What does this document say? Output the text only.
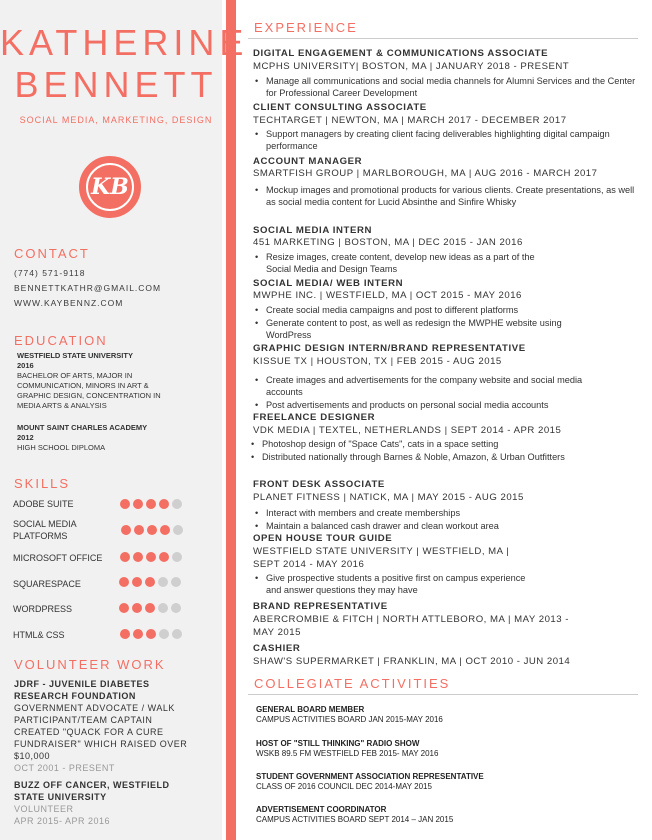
KATHERINE
BENNETT
SOCIAL MEDIA, MARKETING, DESIGN
KB
CONTACT
(774) 571-9118
BENNETTKATHR@GMAIL.COM
WWW.KAYBENNZ.COM
EDUCATION
WESTFIELD STATE UNIVERSITY
2016
BACHELOR OF ARTS, MAJOR IN
COMMUNICATION, MINORS IN ART &
GRAPHIC DESIGN, CONCENTRATION IN
MEDIA ARTS & ANALYSIS
MOUNT SAINT CHARLES ACADEMY
2012
HIGH SCHOOL DIPLOMA
SKILLS
ADOBE SUITE
SOCIAL MEDIA
PLATFORMS
MICROSOFT OFFICE
SQUARESPACE
WORDPRESS
HTML& CSS
VOLUNTEER WORK
JDRF - JUVENILE DIABETES
RESEARCH FOUNDATION
GOVERNMENT ADVOCATE / WALK
PARTICIPANT/TEAM CAPTAIN
CREATED "QUACK FOR A CURE
FUNDRAISER" WHICH RAISED OVER
$10,000
OCT 2001 - PRESENT
BUZZ OFF CANCER, WESTFIELD
STATE UNIVERSITY
VOLUNTEER
APR 2015- APR 2016
EXPERIENCE
DIGITAL ENGAGEMENT & COMMUNICATIONS ASSOCIATE
MCPHS UNIVERSITY| BOSTON, MA | JANUARY 2018 - PRESENT
• Manage all communications and social media channels for Alumni Services and the Center for Professional Career Development
CLIENT CONSULTING ASSOCIATE
TECHTARGET | NEWTON, MA | MARCH 2017 - DECEMBER 2017
• Support managers by creating client facing deliverables highlighting digital campaign performance
ACCOUNT MANAGER
SMARTFISH GROUP | MARLBOROUGH, MA | AUG 2016 - MARCH 2017
• Mockup images and promotional products for various clients. Create presentations, as well as social media content for Lucid Absinthe and Sinfire Whisky
SOCIAL MEDIA INTERN
451 MARKETING | BOSTON, MA | DEC 2015 - JAN 2016
• Resize images, create content, develop new ideas as a part of the Social Media and Design Teams
SOCIAL MEDIA/ WEB INTERN
MWPHE INC. | WESTFIELD, MA | OCT 2015 - MAY 2016
• Create social media campaigns and post to different platforms
• Generate content to post, as well as redesign the MWPHE website using WordPress
GRAPHIC DESIGN INTERN/BRAND REPRESENTATIVE
KISSUE TX | HOUSTON, TX | FEB 2015 - AUG 2015
• Create images and advertisements for the company website and social media accounts
• Post advertisements and products on personal social media accounts
FREELANCE DESIGNER
VDK MEDIA | TEXTEL, NETHERLANDS | SEPT 2014 - APR 2015
• Photoshop design of "Space Cats", cats in a space setting
• Distributed nationally through Barnes & Noble, Amazon, & Urban Outfitters
FRONT DESK ASSOCIATE
PLANET FITNESS | NATICK, MA | MAY 2015 - AUG 2015
• Interact with members and create memberships
• Maintain a balanced cash drawer and clean workout area
OPEN HOUSE TOUR GUIDE
WESTFIELD STATE UNIVERSITY | WESTFIELD, MA |
SEPT 2014 - MAY 2016
• Give prospective students a positive first on campus experience and answer questions they may have
BRAND REPRESENTATIVE
ABERCROMBIE & FITCH | NORTH ATTLEBORO, MA | MAY 2013 -
MAY 2015
CASHIER
SHAW'S SUPERMARKET | FRANKLIN, MA | OCT 2010 - JUN 2014
COLLEGIATE ACTIVITIES
GENERAL BOARD MEMBER
CAMPUS ACTIVITIES BOARD JAN 2015-MAY 2016
HOST OF "STILL THINKING" RADIO SHOW
WSKB 89.5 FM WESTFIELD FEB 2015- MAY 2016
STUDENT GOVERNMENT ASSOCIATION REPRESENTATIVE
CLASS OF 2016 COUNCIL DEC 2014-MAY 2015
ADVERTISEMENT COORDINATOR
CAMPUS ACTIVITIES BOARD SEPT 2014 – JAN 2015
